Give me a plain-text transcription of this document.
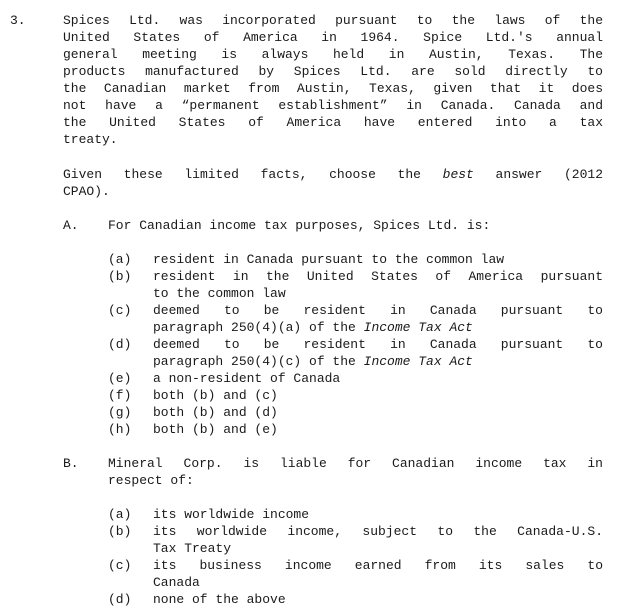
3.	Spices Ltd. was incorporated pursuant to the laws of the
United States of America in 1964. Spice Ltd.'s annual
general meeting is always held in Austin, Texas. The
products manufactured by Spices Ltd. are sold directly to
the Canadian market from Austin, Texas, given that it does
not have a “permanent establishment” in Canada. Canada and
the United States of America have entered into a tax
treaty.
Given these limited facts, choose the best answer (2012
CPAO).
A. For Canadian income tax purposes, Spices Ltd. is:
(a)	resident in Canada pursuant to the common law
(b)	resident in the United States of America pursuant
to the common law
(c)	deemed to be resident in Canada pursuant to
paragraph 250(4)(a) of the Income Tax Act
(d)	deemed to be resident in Canada pursuant to
paragraph 250(4)(c) of the Income Tax Act
(e)	a non-resident of Canada
(f)	both (b) and (c)
(g)	both (b) and (d)
(h)	both (b) and (e)
B. Mineral Corp. is liable for Canadian income tax in
respect of:
(a)	its worldwide income
(b)	its worldwide income, subject to the Canada-U.S.
Tax Treaty
(c)	its business income earned from its sales to
Canada
(d)	none of the above
